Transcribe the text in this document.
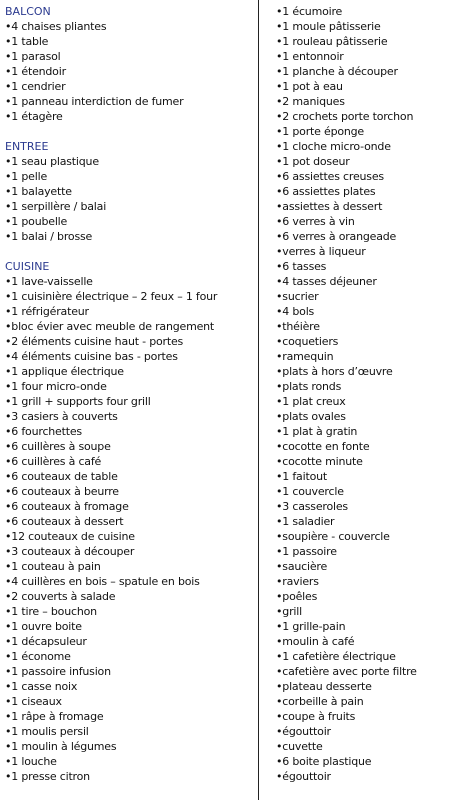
BALCON
•4 chaises pliantes
•1 table
•1 parasol
•1 étendoir
•1 cendrier
•1 panneau interdiction de fumer
•1 étagère
ENTREE
•1 seau plastique
•1 pelle
•1 balayette
•1 serpillère / balai
•1 poubelle
•1 balai / brosse
CUISINE
•1 lave-vaisselle
•1 cuisinière électrique – 2 feux – 1 four
•1 réfrigérateur
•bloc évier avec meuble de rangement
•2 éléments cuisine haut - portes
•4 éléments cuisine bas - portes
•1 applique électrique
•1 four micro-onde
•1 grill + supports four grill
•3 casiers à couverts
•6 fourchettes
•6 cuillères à soupe
•6 cuillères à café
•6 couteaux de table
•6 couteaux à beurre
•6 couteaux à fromage
•6 couteaux à dessert
•12 couteaux de cuisine
•3 couteaux à découper
•1 couteau à pain
•4 cuillères en bois – spatule en bois
•2 couverts à salade
•1 tire – bouchon
•1 ouvre boite
•1 décapsuleur
•1 économe
•1 passoire infusion
•1 casse noix
•1 ciseaux
•1 râpe à fromage
•1 moulis persil
•1 moulin à légumes
•1 louche
•1 presse citron
•1 écumoire
•1 moule pâtisserie
•1 rouleau pâtisserie
•1 entonnoir
•1 planche à découper
•1 pot à eau
•2 maniques
•2 crochets porte torchon
•1 porte éponge
•1 cloche micro-onde
•1 pot doseur
•6 assiettes creuses
•6 assiettes plates
•assiettes à dessert
•6 verres à vin
•6 verres à orangeade
•verres à liqueur
•6 tasses
•4 tasses déjeuner
•sucrier
•4 bols
•théière
•coquetiers
•ramequin
•plats à hors d’œuvre
•plats ronds
•1 plat creux
•plats ovales
•1 plat à gratin
•cocotte en fonte
•cocotte minute
•1 faitout
•1 couvercle
•3 casseroles
•1 saladier
•soupière - couvercle
•1 passoire
•saucière
•raviers
•poêles
•grill
•1 grille-pain
•moulin à café
•1 cafetière électrique
•cafetière avec porte filtre
•plateau desserte
•corbeille à pain
•coupe à fruits
•égouttoir
•cuvette
•6 boite plastique
•égouttoir
